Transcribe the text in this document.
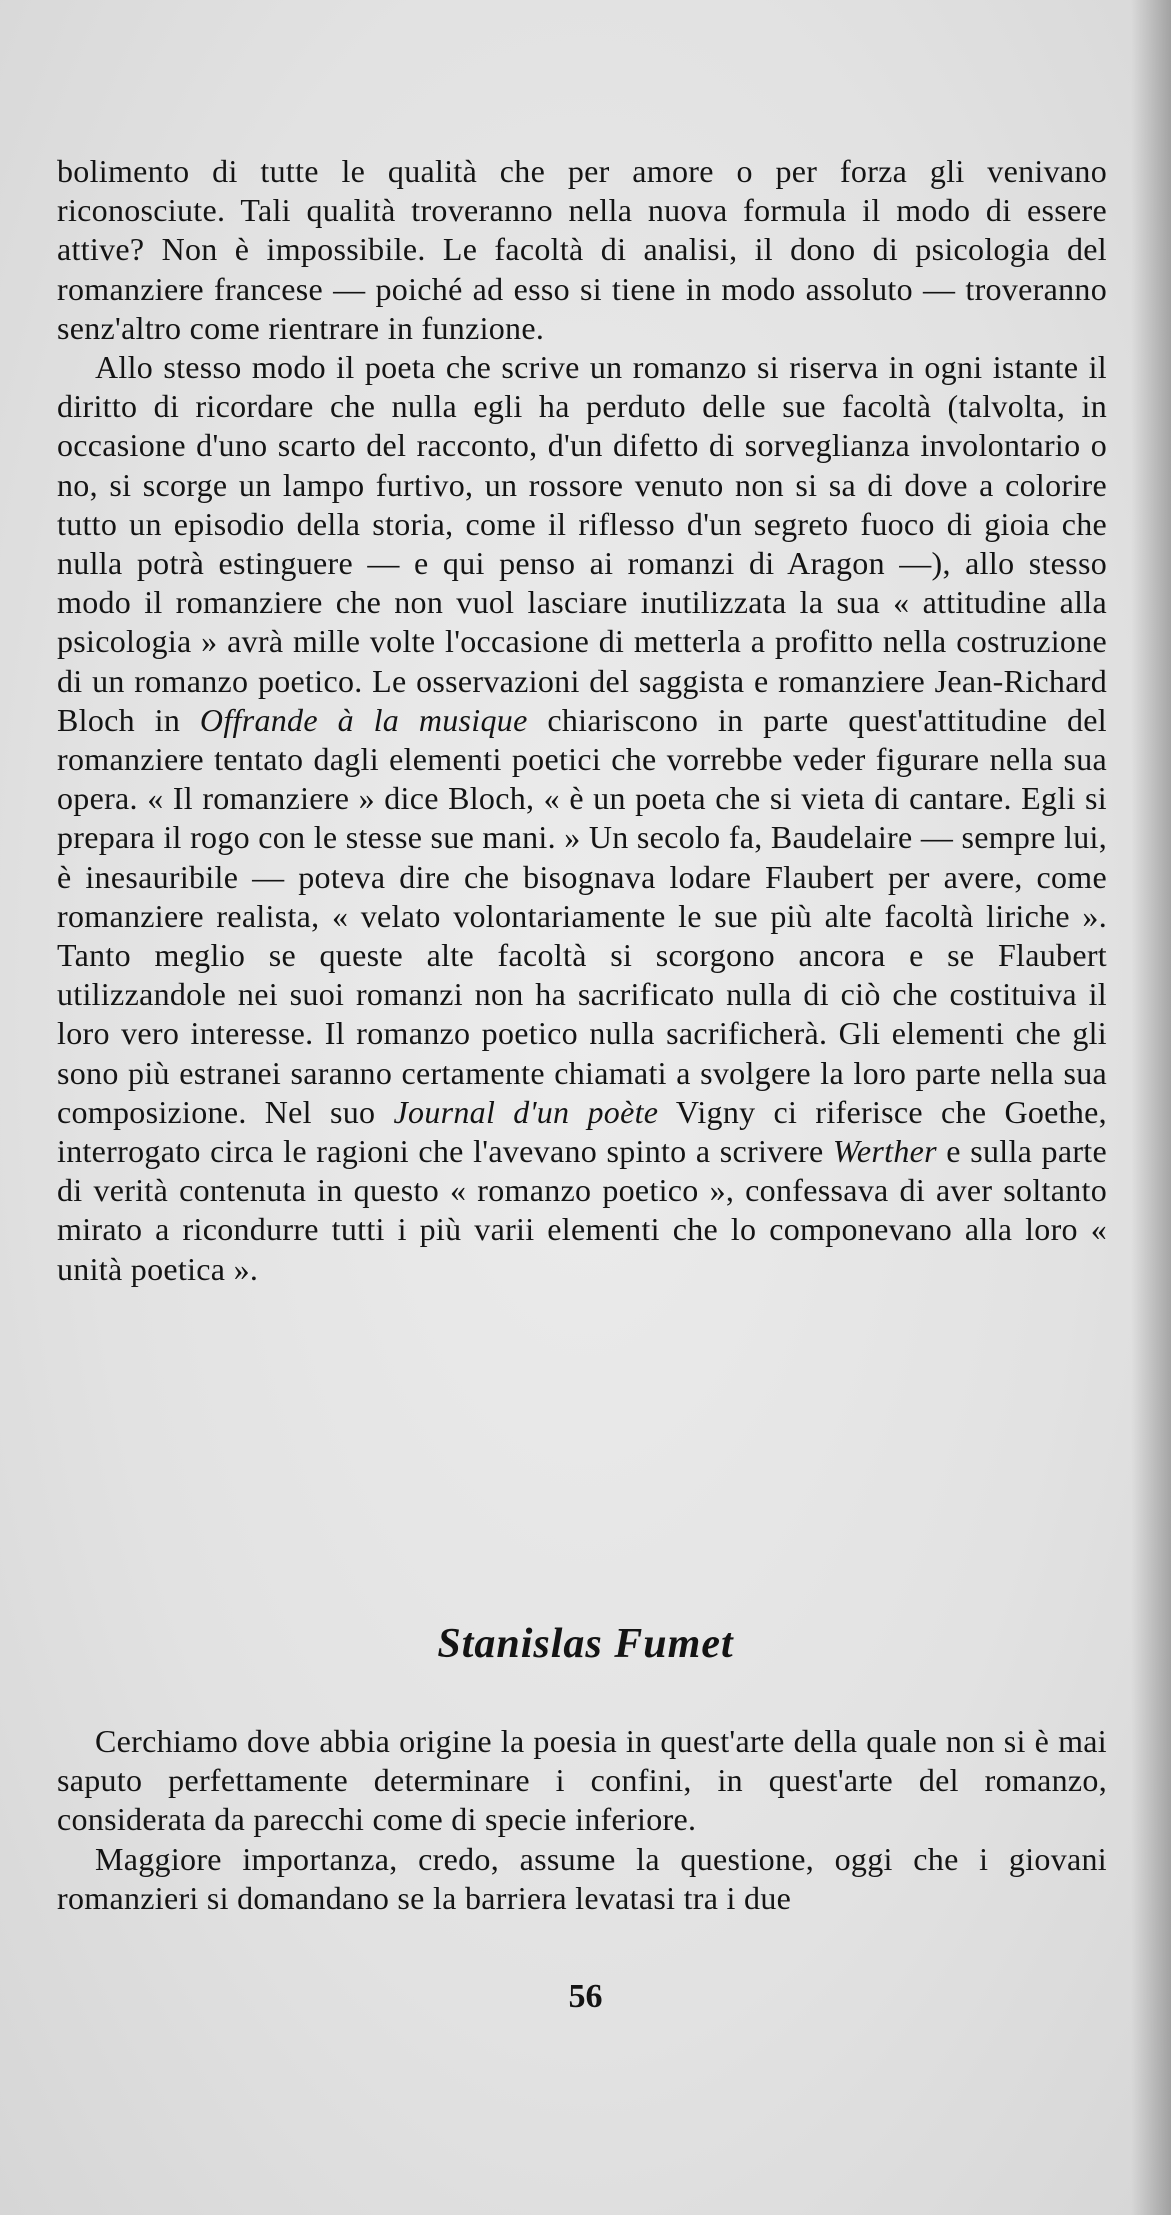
bolimento di tutte le qualità che per amore o per forza gli venivano riconosciute. Tali qualità troveranno nella nuova formula il modo di essere attive? Non è impossibile. Le facoltà di analisi, il dono di psicologia del romanziere francese — poiché ad esso si tiene in modo assoluto — troveranno senz'altro come rientrare in funzione.

Allo stesso modo il poeta che scrive un romanzo si riserva in ogni istante il diritto di ricordare che nulla egli ha perduto delle sue facoltà (talvolta, in occasione d'uno scarto del racconto, d'un difetto di sorveglianza involontario o no, si scorge un lampo furtivo, un rossore venuto non si sa di dove a colorire tutto un episodio della storia, come il riflesso d'un segreto fuoco di gioia che nulla potrà estinguere — e qui penso ai romanzi di Aragon —), allo stesso modo il romanziere che non vuol lasciare inutilizzata la sua « attitudine alla psicologia » avrà mille volte l'occasione di metterla a profitto nella costruzione di un romanzo poetico. Le osservazioni del saggista e romanziere Jean-Richard Bloch in Offrande à la musique chiariscono in parte quest'attitudine del romanziere tentato dagli elementi poetici che vorrebbe veder figurare nella sua opera. « Il romanziere » dice Bloch, « è un poeta che si vieta di cantare. Egli si prepara il rogo con le stesse sue mani. » Un secolo fa, Baudelaire — sempre lui, è inesauribile — poteva dire che bisognava lodare Flaubert per avere, come romanziere realista, « velato volontariamente le sue più alte facoltà liriche ». Tanto meglio se queste alte facoltà si scorgono ancora e se Flaubert utilizzandole nei suoi romanzi non ha sacrificato nulla di ciò che costituiva il loro vero interesse. Il romanzo poetico nulla sacrificherà. Gli elementi che gli sono più estranei saranno certamente chiamati a svolgere la loro parte nella sua composizione. Nel suo Journal d'un poète Vigny ci riferisce che Goethe, interrogato circa le ragioni che l'avevano spinto a scrivere Werther e sulla parte di verità contenuta in questo « romanzo poetico », confessava di aver soltanto mirato a ricondurre tutti i più varii elementi che lo componevano alla loro « unità poetica ».

Stanislas Fumet

Cerchiamo dove abbia origine la poesia in quest'arte della quale non si è mai saputo perfettamente determinare i confini, in quest'arte del romanzo, considerata da parecchi come di specie inferiore.

Maggiore importanza, credo, assume la questione, oggi che i giovani romanzieri si domandano se la barriera levatasi tra i due

56
